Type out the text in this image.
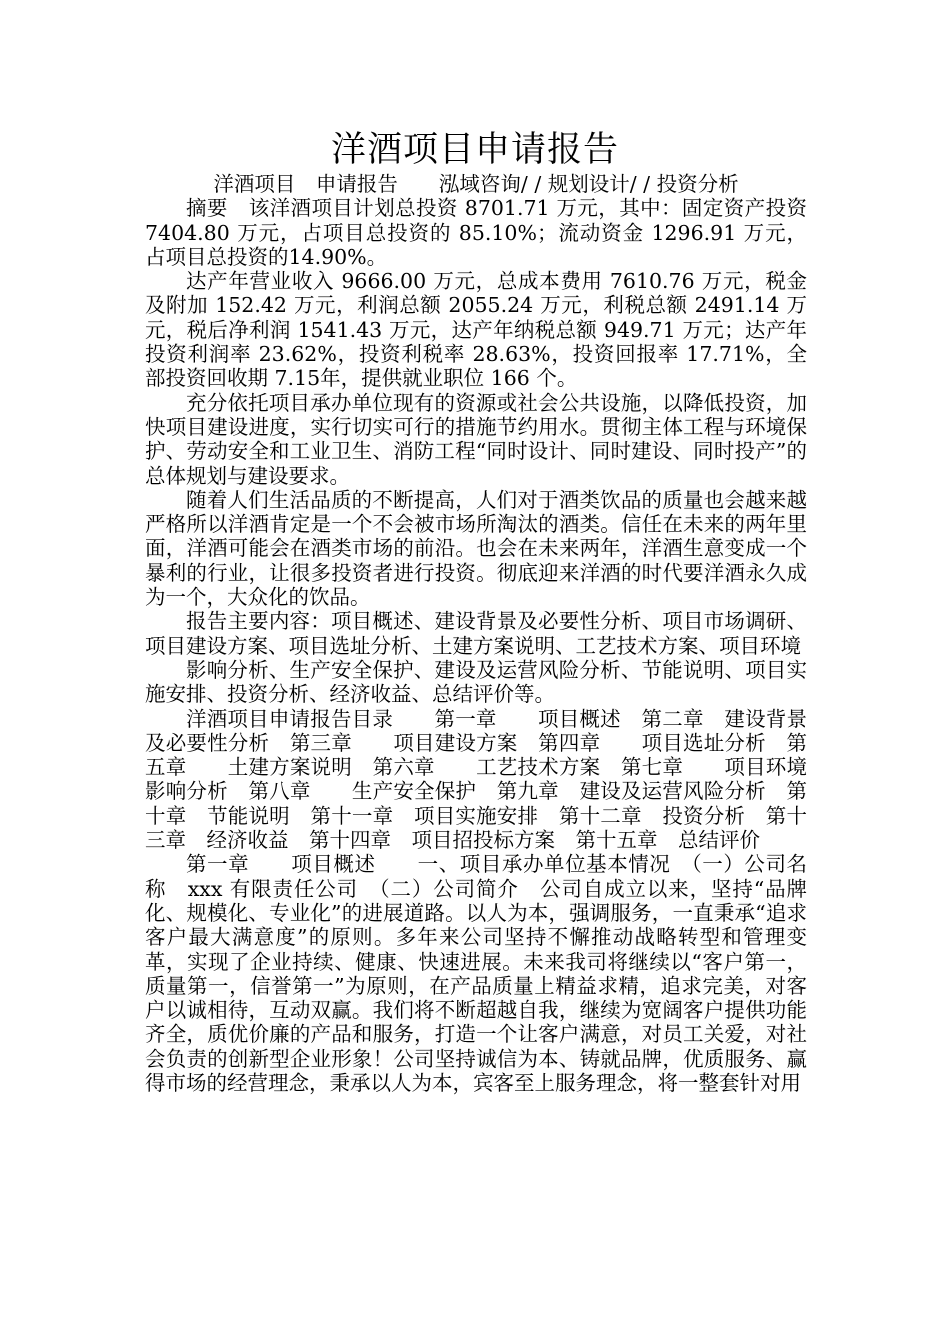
洋酒项目申请报告

洋酒项目　申请报告　　泓域咨询/ / 规划设计/ / 投资分析

摘要　该洋酒项目计划总投资 8701.71 万元，其中：固定资产投资 7404.80 万元，占项目总投资的 85.10%；流动资金 1296.91 万元，占项目总投资的14.90%。

达产年营业收入 9666.00 万元，总成本费用 7610.76 万元，税金及附加 152.42 万元，利润总额 2055.24 万元，利税总额 2491.14 万元，税后净利润 1541.43 万元，达产年纳税总额 949.71 万元；达产年投资利润率 23.62%，投资利税率 28.63%，投资回报率 17.71%，全部投资回收期 7.15年，提供就业职位 166 个。

充分依托项目承办单位现有的资源或社会公共设施，以降低投资，加快项目建设进度，实行切实可行的措施节约用水。贯彻主体工程与环境保护、劳动安全和工业卫生、消防工程“同时设计、同时建设、同时投产”的总体规划与建设要求。

随着人们生活品质的不断提高，人们对于酒类饮品的质量也会越来越严格所以洋酒肯定是一个不会被市场所淘汰的酒类。信任在未来的两年里面，洋酒可能会在酒类市场的前沿。也会在未来两年，洋酒生意变成一个暴利的行业，让很多投资者进行投资。彻底迎来洋酒的时代要洋酒永久成为一个，大众化的饮品。

报告主要内容：项目概述、建设背景及必要性分析、项目市场调研、项目建设方案、项目选址分析、土建方案说明、工艺技术方案、项目环境

影响分析、生产安全保护、建设及运营风险分析、节能说明、项目实施安排、投资分析、经济收益、总结评价等。

洋酒项目申请报告目录　　第一章　　项目概述　第二章　建设背景及必要性分析　第三章　　项目建设方案　第四章　　项目选址分析　第五章　　土建方案说明　第六章　　工艺技术方案　第七章　　项目环境影响分析　第八章　　生产安全保护　第九章　建设及运营风险分析　第十章　节能说明　第十一章　项目实施安排　第十二章　投资分析　第十三章　经济收益　第十四章　项目招投标方案　第十五章　总结评价

第一章　　项目概述　　一、项目承办单位基本情况　（一）公司名称　xxx 有限责任公司　（二）公司简介　公司自成立以来，坚持“品牌化、规模化、专业化”的进展道路。以人为本，强调服务，一直秉承“追求客户最大满意度”的原则。多年来公司坚持不懈推动战略转型和管理变革，实现了企业持续、健康、快速进展。未来我司将继续以“客户第一，质量第一，信誉第一”为原则，在产品质量上精益求精，追求完美，对客户以诚相待，互动双赢。我们将不断超越自我，继续为宽阔客户提供功能齐全，质优价廉的产品和服务，打造一个让客户满意，对员工关爱，对社会负责的创新型企业形象！公司坚持诚信为本、铸就品牌，优质服务、赢得市场的经营理念，秉承以人为本，宾客至上服务理念，将一整套针对用
